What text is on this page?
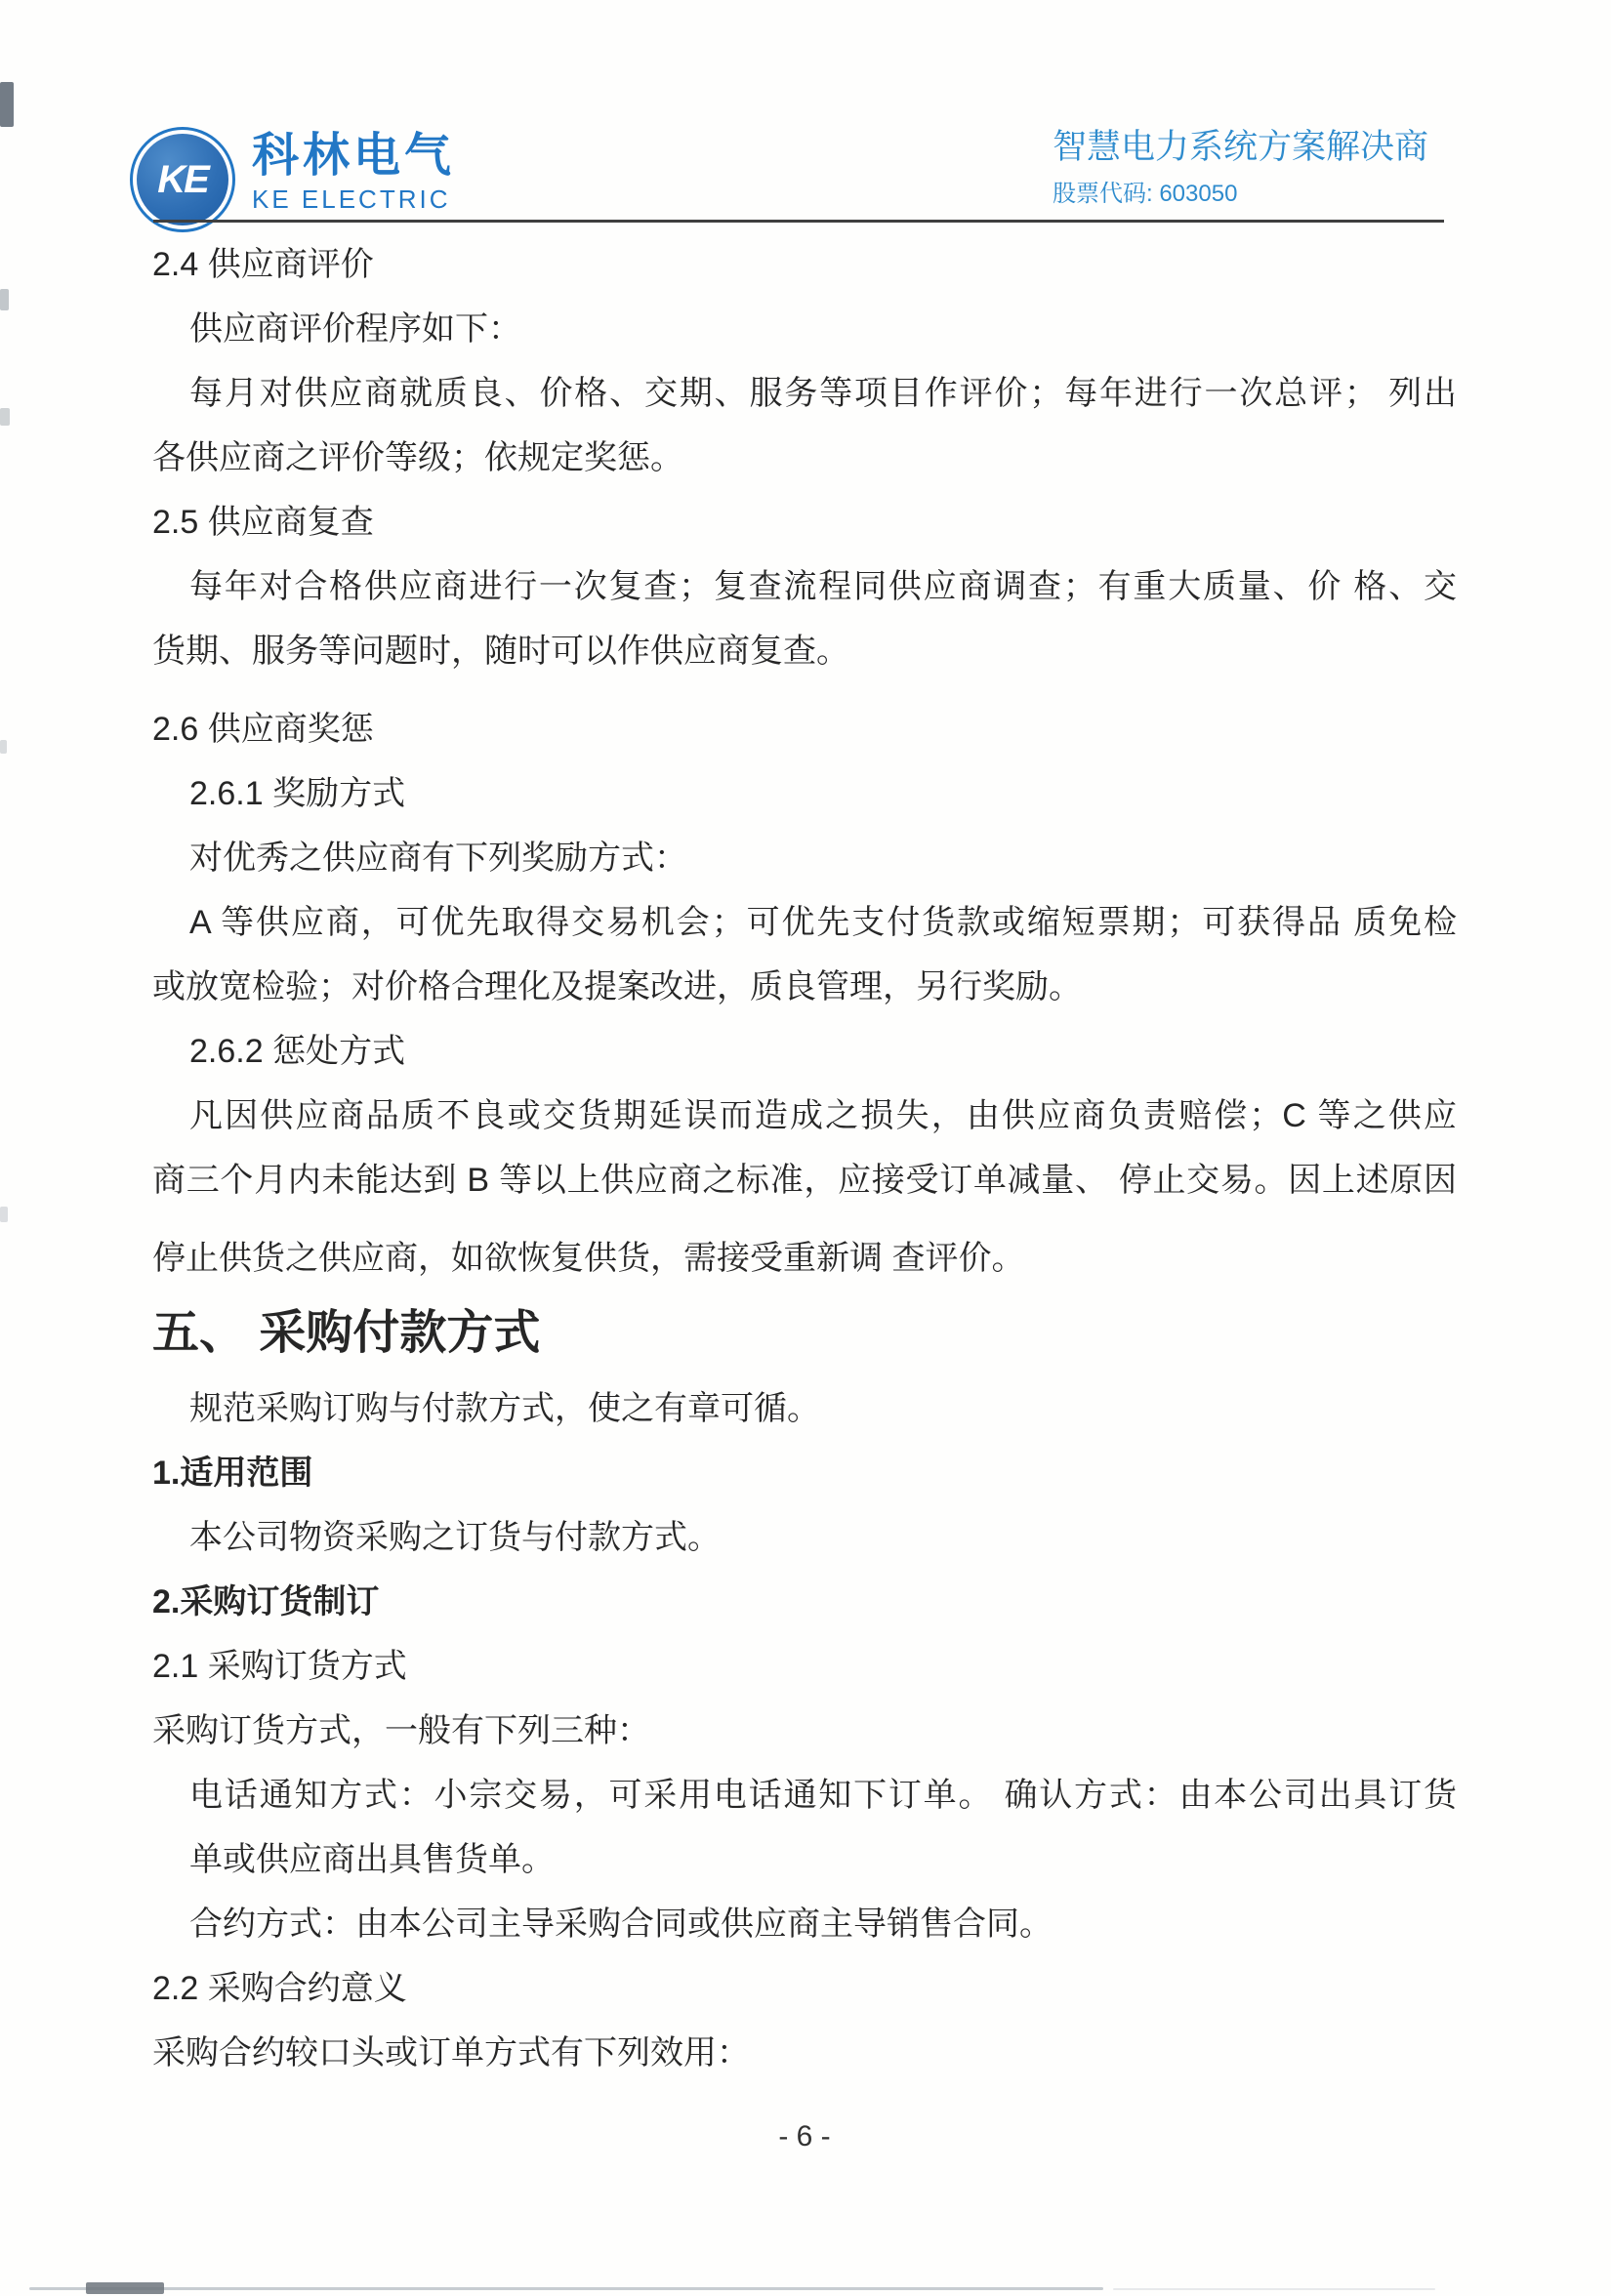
KE 科林电气
KE ELECTRIC
智慧电力系统方案解决商
股票代码: 603050

2.4 供应商评价

供应商评价程序如下：

每月对供应商就质良、价格、交期、服务等项目作评价；每年进行一次总评； 列出

各供应商之评价等级；依规定奖惩。

2.5 供应商复查

每年对合格供应商进行一次复查；复查流程同供应商调查；有重大质量、价 格、交

货期、服务等问题时，随时可以作供应商复查。

2.6 供应商奖惩

2.6.1 奖励方式

对优秀之供应商有下列奖励方式：

A 等供应商，可优先取得交易机会；可优先支付货款或缩短票期；可获得品 质免检

或放宽检验；对价格合理化及提案改进，质良管理，另行奖励。

2.6.2 惩处方式

凡因供应商品质不良或交货期延误而造成之损失，由供应商负责赔偿；C 等之供应

商三个月内未能达到 B 等以上供应商之标准，应接受订单减量、 停止交易。因上述原因

停止供货之供应商，如欲恢复供货，需接受重新调 查评价。

五、 采购付款方式

规范采购订购与付款方式，使之有章可循。

1.适用范围

本公司物资采购之订货与付款方式。

2.采购订货制订

2.1 采购订货方式

采购订货方式，一般有下列三种：

电话通知方式：小宗交易，可采用电话通知下订单。 确认方式：由本公司出具订货

单或供应商出具售货单。

合约方式：由本公司主导采购合同或供应商主导销售合同。

2.2 采购合约意义

采购合约较口头或订单方式有下列效用：

- 6 -
